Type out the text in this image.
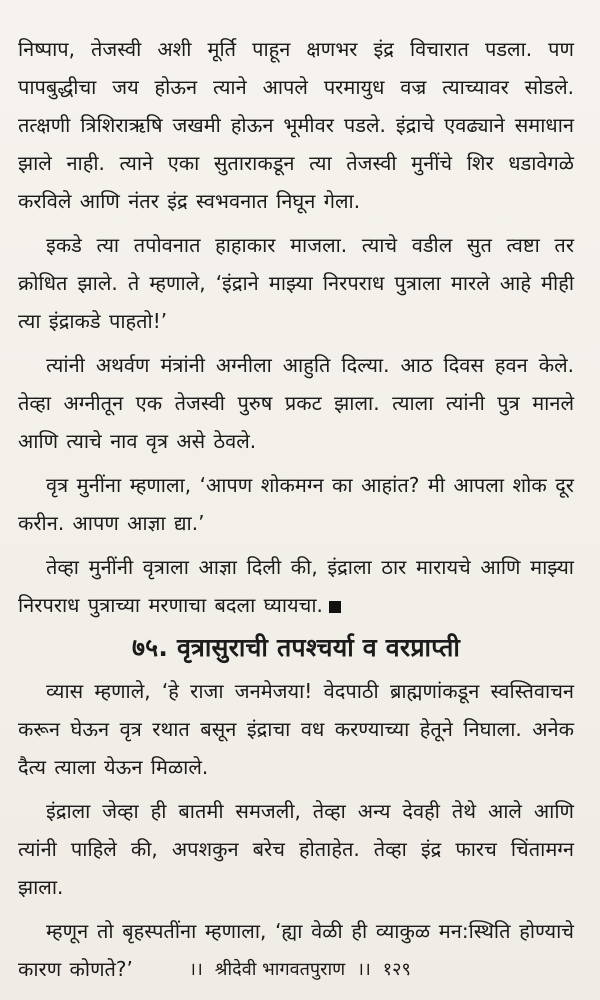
निष्पाप, तेजस्वी अशी मूर्ति पाहून क्षणभर इंद्र विचारात पडला. पण पापबुद्धीचा जय होऊन त्याने आपले परमायुध वज्र त्याच्यावर सोडले. तत्क्षणी त्रिशिराऋषि जखमी होऊन भूमीवर पडले. इंद्राचे एवढ्याने समाधान झाले नाही. त्याने एका सुताराकडून त्या तेजस्वी मुनींचे शिर धडावेगळे करविले आणि नंतर इंद्र स्वभवनात निघून गेला.

इकडे त्या तपोवनात हाहाकार माजला. त्याचे वडील सुत त्वष्टा तर क्रोधित झाले. ते म्हणाले, ‘इंद्राने माझ्या निरपराध पुत्राला मारले आहे मीही त्या इंद्राकडे पाहतो!’

त्यांनी अथर्वण मंत्रांनी अग्नीला आहुति दिल्या. आठ दिवस हवन केले. तेव्हा अग्नीतून एक तेजस्वी पुरुष प्रकट झाला. त्याला त्यांनी पुत्र मानले आणि त्याचे नाव वृत्र असे ठेवले.

वृत्र मुनींना म्हणाला, ‘आपण शोकमग्न का आहांत? मी आपला शोक दूर करीन. आपण आज्ञा द्या.’

तेव्हा मुनींनी वृत्राला आज्ञा दिली की, इंद्राला ठार मारायचे आणि माझ्या निरपराध पुत्राच्या मरणाचा बदला घ्यायचा.

७५. वृत्रासुराची तपश्चर्या व वरप्राप्ती

व्यास म्हणाले, ‘हे राजा जनमेजया! वेदपाठी ब्राह्मणांकडून स्वस्तिवाचन करून घेऊन वृत्र रथात बसून इंद्राचा वध करण्याच्या हेतूने निघाला. अनेक दैत्य त्याला येऊन मिळाले.

इंद्राला जेव्हा ही बातमी समजली, तेव्हा अन्य देवही तेथे आले आणि त्यांनी पाहिले की, अपशकुन बरेच होताहेत. तेव्हा इंद्र फारच चिंतामग्न झाला.

म्हणून तो बृहस्पतींना म्हणाला, ‘ह्या वेळी ही व्याकुळ मन:स्थिति होण्याचे कारण कोणते?’	।। श्रीदेवी भागवतपुराण ।। १२९
